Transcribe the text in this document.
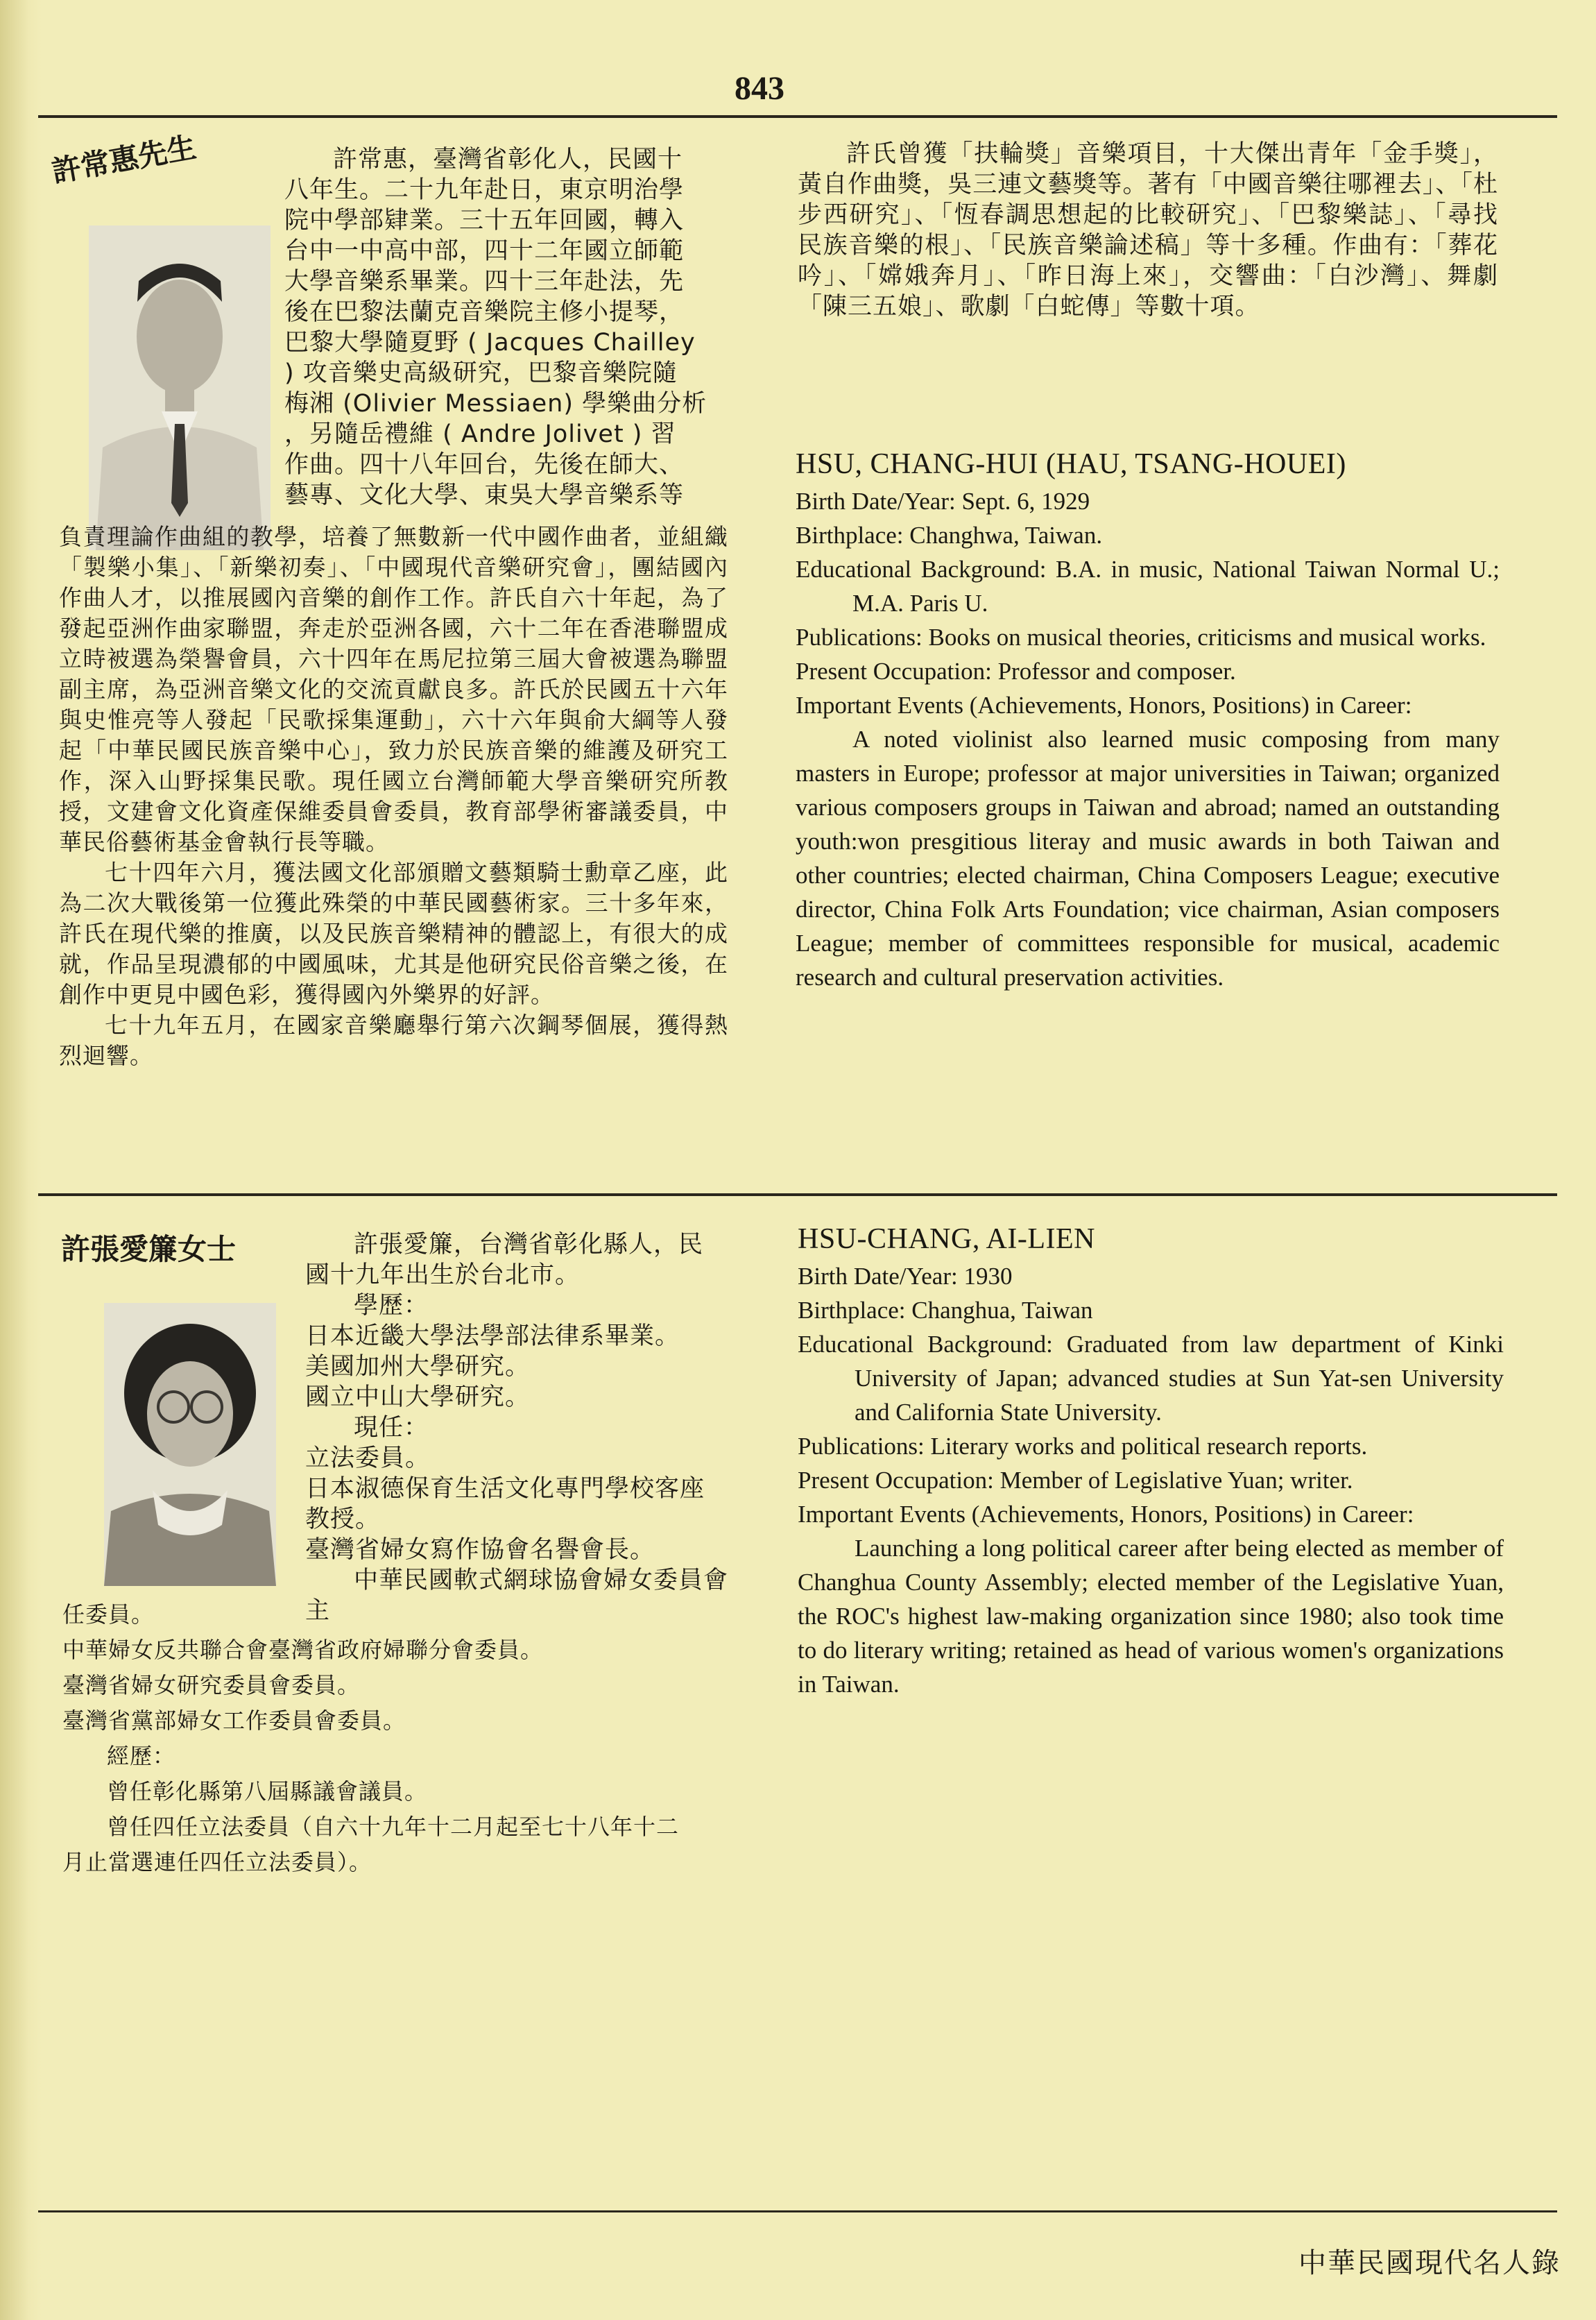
843
許常惠先生	許常惠，臺灣省彰化人，民國十
八年生。二十九年赴日，東京明治學
院中學部肄業。三十五年回國，轉入
台中一中高中部，四十二年國立師範
大學音樂系畢業。四十三年赴法，先
後在巴黎法蘭克音樂院主修小提琴，
巴黎大學隨夏野 ( Jacques Chailley
) 攻音樂史高級研究，巴黎音樂院隨
梅湘 (Olivier Messiaen) 學樂曲分析
，另隨岳禮維 ( Andre Jolivet ) 習
作曲。四十八年回台，先後在師大、
藝專、文化大學、東吳大學音樂系等

負責理論作曲組的教學，培養了無數新一代中國作曲者，並組織「製樂小集」、「新樂初奏」、「中國現代音樂研究會」，團結國內作曲人才，以推展國內音樂的創作工作。許氏自六十年起，為了發起亞洲作曲家聯盟，奔走於亞洲各國，六十二年在香港聯盟成立時被選為榮譽會員，六十四年在馬尼拉第三屆大會被選為聯盟副主席，為亞洲音樂文化的交流貢獻良多。許氏於民國五十六年與史惟亮等人發起「民歌採集運動」，六十六年與俞大綱等人發起「中華民國民族音樂中心」，致力於民族音樂的維護及研究工作，深入山野採集民歌。現任國立台灣師範大學音樂研究所教授，文建會文化資產保維委員會委員，教育部學術審議委員，中華民俗藝術基金會執行長等職。

七十四年六月，獲法國文化部頒贈文藝類騎士勳章乙座，此為二次大戰後第一位獲此殊榮的中華民國藝術家。三十多年來，許氏在現代樂的推廣，以及民族音樂精神的體認上，有很大的成就，作品呈現濃郁的中國風味，尤其是他研究民俗音樂之後，在創作中更見中國色彩，獲得國內外樂界的好評。

七十九年五月，在國家音樂廳舉行第六次鋼琴個展，獲得熱烈迴響。

許氏曾獲「扶輪獎」音樂項目，十大傑出青年「金手獎」，黃自作曲獎，吳三連文藝獎等。著有「中國音樂往哪裡去」、「杜步西研究」、「恆春調思想起的比較研究」、「巴黎樂誌」、「尋找民族音樂的根」、「民族音樂論述稿」等十多種。作曲有：「葬花吟」、「嫦娥奔月」、「昨日海上來」，交響曲：「白沙灣」、舞劇「陳三五娘」、歌劇「白蛇傳」等數十項。

HSU, CHANG-HUI (HAU, TSANG-HOUEI)

Birth Date/Year: Sept. 6, 1929

Birthplace: Changhwa, Taiwan.

Educational Background: B.A. in music, National Taiwan Normal U.; M.A. Paris U.

Publications: Books on musical theories, criticisms and musical works.

Present Occupation: Professor and composer.

Important Events (Achievements, Honors, Positions) in Career:

A noted violinist also learned music composing from many masters in Europe; professor at major universities in Taiwan; organized various composers groups in Taiwan and abroad; named an outstanding youth:won presgitious literay and music awards in both Taiwan and other countries; elected chairman, China Composers League; executive director, China Folk Arts Foundation; vice chairman, Asian composers League; member of committees responsible for musical, academic research and cultural preservation activities.

許張愛簾女士	許張愛簾，台灣省彰化縣人，民
國十九年出生於台北市。
學歷：
日本近畿大學法學部法律系畢業。
美國加州大學研究。
國立中山大學研究。
現任：
立法委員。
日本淑德保育生活文化專門學校客座
教授。
臺灣省婦女寫作協會名譽會長。
中華民國軟式網球協會婦女委員會主
任委員。
中華婦女反共聯合會臺灣省政府婦聯分會委員。
臺灣省婦女研究委員會委員。
臺灣省黨部婦女工作委員會委員。
經歷：
曾任彰化縣第八屆縣議會議員。
曾任四任立法委員（自六十九年十二月起至七十八年十二
月止當選連任四任立法委員）。
HSU-CHANG, AI-LIEN

Birth Date/Year: 1930

Birthplace: Changhua, Taiwan

Educational Background: Graduated from law department of Kinki University of Japan; advanced studies at Sun Yat-sen University and California State University.

Publications: Literary works and political research reports.

Present Occupation: Member of Legislative Yuan; writer.

Important Events (Achievements, Honors, Positions) in Career:

Launching a long political career after being elected as member of Changhua County Assembly; elected member of the Legislative Yuan, the ROC's highest law-making organization since 1980; also took time to do literary writing; retained as head of various women's organizations in Taiwan.

中華民國現代名人錄
